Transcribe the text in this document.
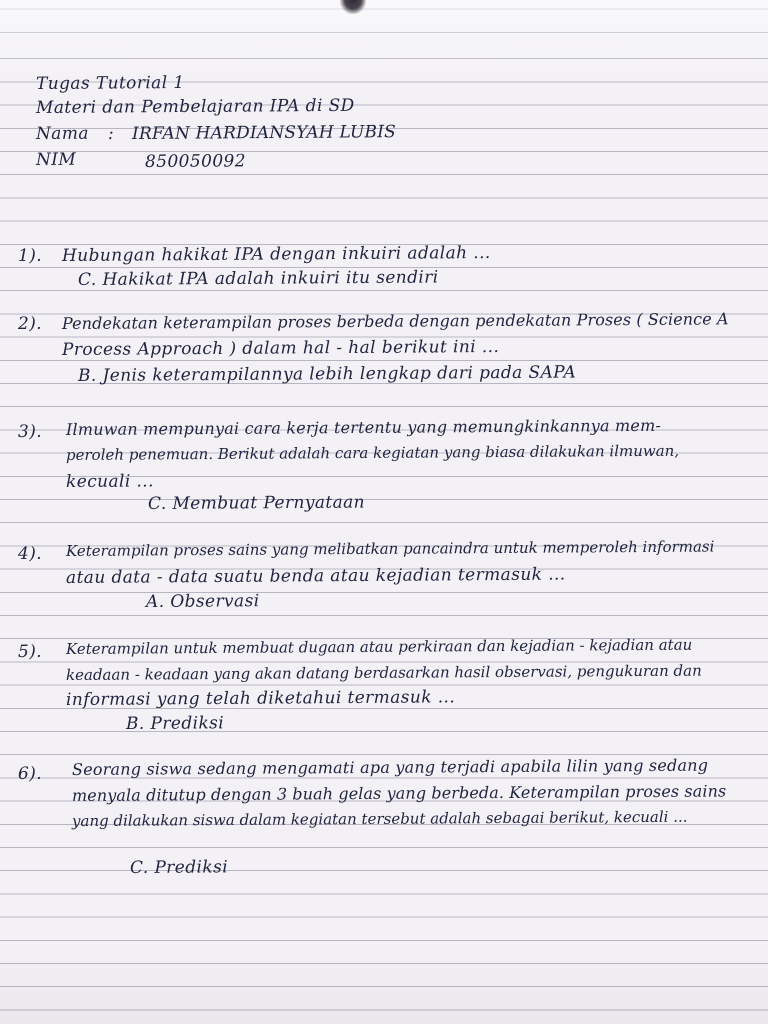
Tugas Tutorial 1

Materi dan Pembelajaran IPA di SD

Nama : IRFAN HARDIANSYAH LUBIS

NIM	850050092

1). Hubungan hakikat IPA dengan inkuiri adalah ...

C. Hakikat IPA adalah inkuiri itu sendiri

2). Pendekatan keterampilan proses berbeda dengan pendekatan Proses ( Science A

Process Approach ) dalam hal - hal berikut ini ...

B. Jenis keterampilannya lebih lengkap dari pada SAPA

3). Ilmuwan mempunyai cara kerja tertentu yang memungkinkannya mem-

peroleh penemuan. Berikut adalah cara kegiatan yang biasa dilakukan ilmuwan,

kecuali ...

C. Membuat Pernyataan

4). Keterampilan proses sains yang melibatkan pancaindra untuk memperoleh informasi

atau data - data suatu benda atau kejadian termasuk ...

A. Observasi

5). Keterampilan untuk membuat dugaan atau perkiraan dan kejadian - kejadian atau

keadaan - keadaan yang akan datang berdasarkan hasil observasi, pengukuran dan

informasi yang telah diketahui termasuk ...

B. Prediksi

6). Seorang siswa sedang mengamati apa yang terjadi apabila lilin yang sedang

menyala ditutup dengan 3 buah gelas yang berbeda. Keterampilan proses sains

yang dilakukan siswa dalam kegiatan tersebut adalah sebagai berikut, kecuali ...

C. Prediksi
